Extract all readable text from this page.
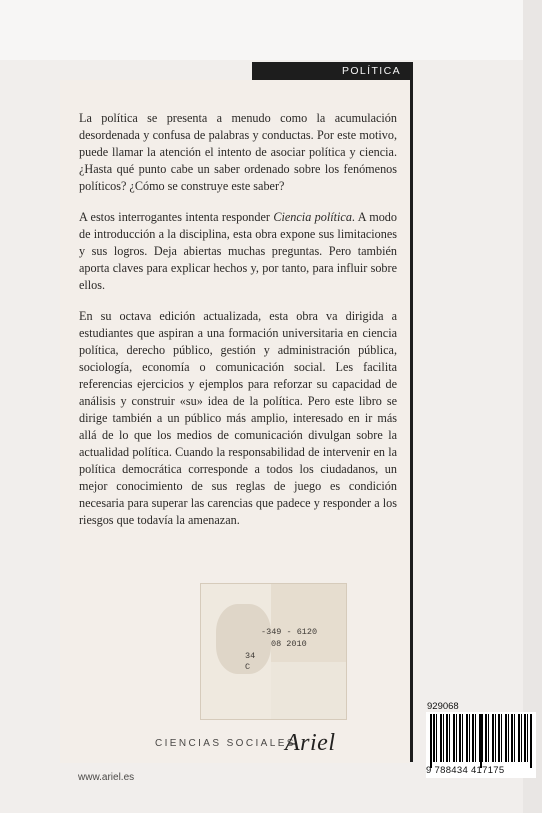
POLÍTICA

La política se presenta a menudo como la acumulación desordenada y confusa de palabras y conductas. Por este motivo, puede llamar la atención el intento de asociar política y ciencia. ¿Hasta qué punto cabe un saber ordenado sobre los fenómenos políticos? ¿Cómo se construye este saber?

A estos interrogantes intenta responder Ciencia política. A modo de introducción a la disciplina, esta obra expone sus limitaciones y sus logros. Deja abiertas muchas preguntas. Pero también aporta claves para explicar hechos y, por tanto, para influir sobre ellos.

En su octava edición actualizada, esta obra va dirigida a estudiantes que aspiran a una formación universitaria en ciencia política, derecho público, gestión y administración pública, sociología, economía o comunicación social. Les facilita referencias ejercicios y ejemplos para reforzar su capacidad de análisis y construir «su» idea de la política. Pero este libro se dirige también a un público más amplio, interesado en ir más allá de lo que los medios de comunicación divulgan sobre la actualidad política. Cuando la responsabilidad de intervenir en la política democrática corresponde a todos los ciudadanos, un mejor conocimiento de sus reglas de juego es condición necesaria para superar las carencias que padece y responder a los riesgos que todavía la amenazan.

-349 - 6120
08 2010
34
C
CIENCIAS SOCIALES
Ariel
www.ariel.es
929068
9 788434 417175
